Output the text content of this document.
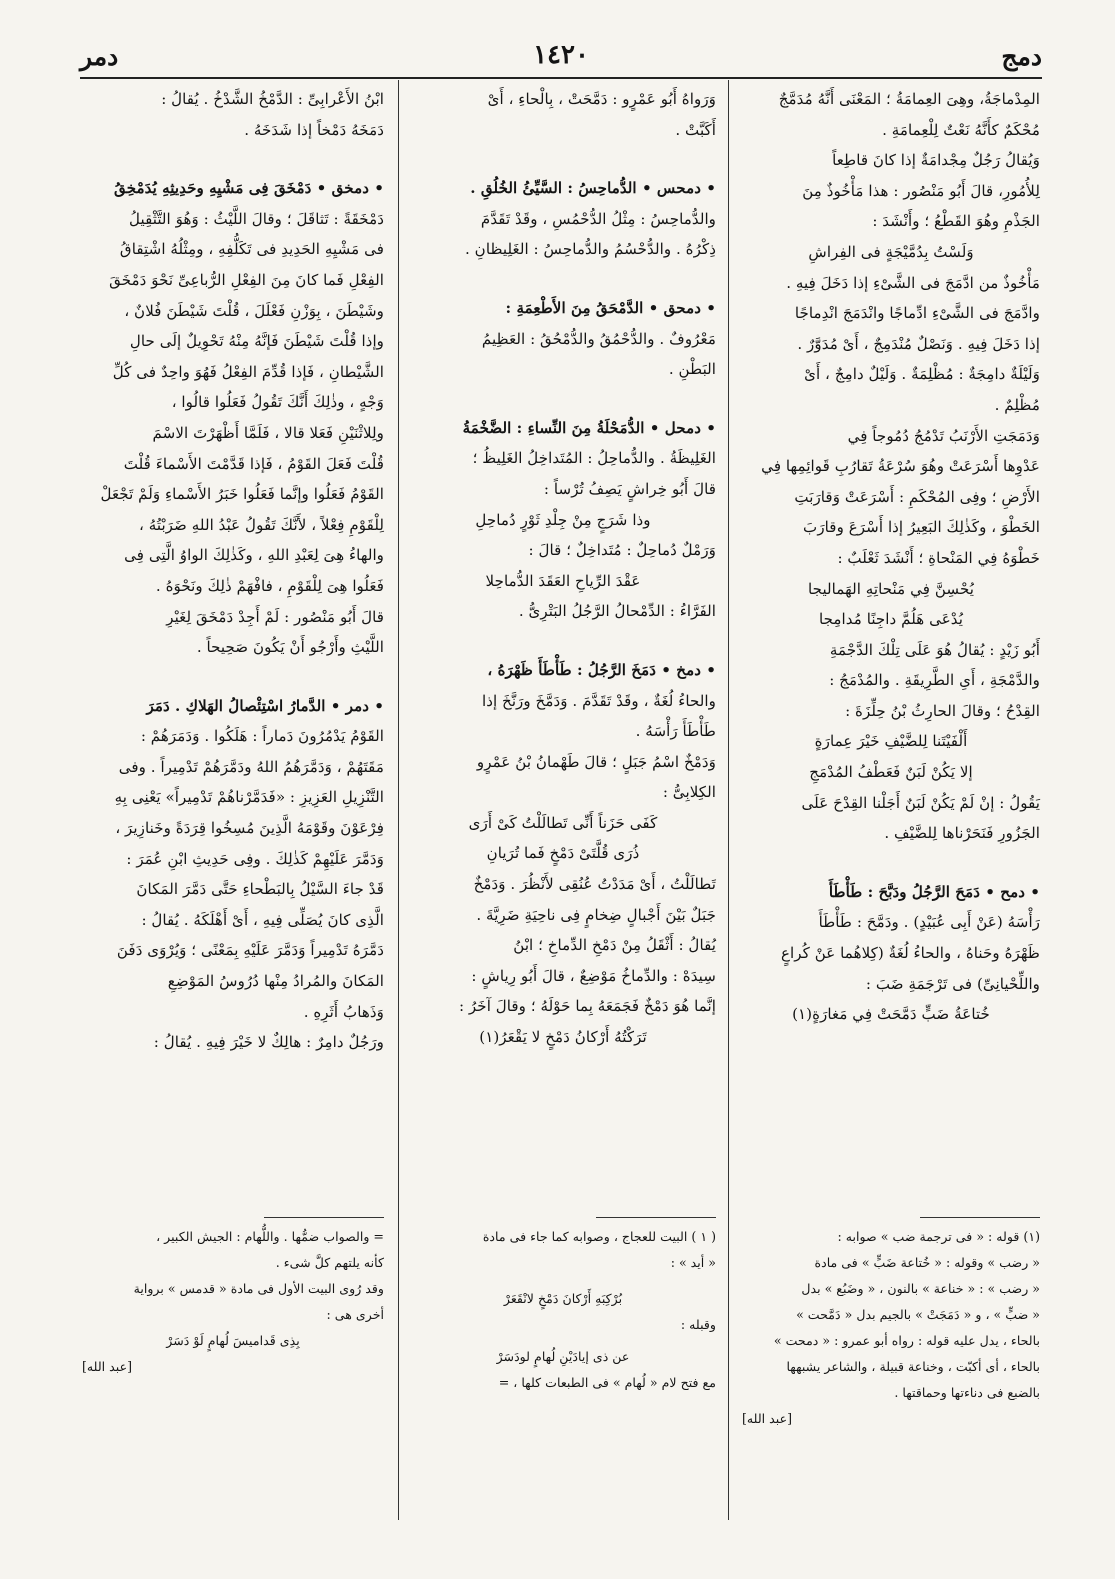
دمج
١٤٢٠
دمر

المِدْماجَةُ، وهِىَ العِمامَةُ ؛ المَعْنَى أَنَّهُ مُدَمَّجٌ

مُحْكَمٌ كأَنَّهُ نَعْتٌ لِلْعِمامَةِ .

وَيُقالُ رَجُلٌ مِجْدامَةٌ إذا كانَ قاطِعاً

لِلأُمُورِ، قالَ أَبُو مَنْصُور : هذا مَأْخُوذٌ مِنَ

الجَذْمِ وهُوَ القَطْعُ ؛ وأَنْشَدَ :

وَلَسْتُ بِدُمَّيْجَةٍ فى الفِراشِ

مَأْخُوذٌ من ادَّمَجَ فى الشَّىْءِ إذا دَخَلَ فِيهِ .

وادَّمَجَ فى الشَّىْءِ ادِّماجًا وانْدَمَجَ انْدِماجًا

إذا دَخَلَ فِيهِ . وَنَصْلٌ مُنْدَمِجٌ ، أَىْ مُدَوَّرٌ .

وَلَيْلَةٌ دامِجَةٌ : مُظْلِمَةٌ . وَلَيْلٌ دامِجٌ ، أَىْ

مُظْلِمٌ .

وَدَمَجَتِ الأَرْنَبُ تَدْمُجُ دُمُوجاً فِي

عَدْوِها أَسْرَعَتْ وهُوَ سُرْعَةُ تَقارُبِ قَوائِمِها فِي

الأَرْضِ ؛ وفِى المُحْكَمِ : أَسْرَعَتْ وَقارَبَتِ

الخَطْوَ ، وكَذٰلِكَ البَعِيرُ إذا أَسْرَعَ وقارَبَ

خَطْوَهُ فِي المَنْحاةِ ؛ أَنْشَدَ ثَعْلَبٌ :

يُحْسِنَّ فِي مَنْحاتِهِ الهَماليجا

يُدْعَى هَلُمَّ داجِنًا مُدامِجا

أَبُو زَيْدٍ : يُقالُ هُوَ عَلَى تِلْكَ الدَّجْمَةِ

والدَّمْجَةِ ، أَىِ الطَّرِيقَةِ . والمُدْمَجُ :

القِدْحُ ؛ وقالَ الحارِثُ بْنُ حِلِّزَةَ :

أَلْفَيْتَنا لِلضَّيْفِ خَيْرَ عِمارَةٍ

إلا يَكُنْ لَبَنٌ فَعَطْفُ المُدْمَجِ

يَقُولُ : إنْ لَمْ يَكُنْ لَبَنٌ أَجَلْنا القِدْحَ عَلَى

الجَزُورِ فَنَحَرْناها لِلضَّيْفِ .

• دمح • دَمَحَ الرَّجُلُ ودَبَّحَ : طَأْطَأَ

رَأْسَهُ (عَنْ أَبِى عُبَيْدٍ) . ودَمَّحَ : طَأْطَأَ

ظَهْرَهُ وحَناهُ ، والحاءُ لُغَةٌ (كِلاهُما عَنْ كُراعٍ

واللِّحْيانِىِّ) فى تَرْجَمَةِ ضَبَ :

خُتاعَةُ ضَبٍّ دَمَّحَتْ فِي مَغارَةٍ(١)

وَرَواهُ أَبُو عَمْرٍو : دَمَّحَتْ ، بِالْحاءِ ، أَىْ

أَكَبَّتْ .

• دمحس • الدُّماحِسُ : السَّيِّئُ الخُلُقِ .

والدُّماحِسُ : مِثْلُ الدُّحْمُسِ ، وقَدْ تَقَدَّمَ

ذِكْرُهُ . والدُّحْسُمُ والدُّماحِسُ : الغَلِيظانِ .

• دمحق • الدَّمْحَقُ مِنَ الأَطْعِمَةِ :

مَعْرُوفٌ . والدُّحْمُقُ والدُّمْحُقُ : العَظِيمُ

البَطْنِ .

• دمحل • الدُّمَحْلَةُ مِنَ النِّساءِ : الضَّخْمَةُ

الغَلِيظَةُ . والدُّماحِلُ : المُتَداخِلُ الغَلِيظُ ؛

قالَ أَبُو خِراشٍ يَصِفُ تُرْساً :

وذا شَرَجٍ مِنْ جِلْدِ ثَوْرٍ دُماحِلِ

وَرَمْلٌ دُماحِلٌ : مُتَداخِلٌ ؛ قالَ :

عَقْدَ الرِّياحِ العَقَدَ الدُّماحِلا

الفَرَّاءُ : الدِّمْحالُ الرَّجُلُ البَتْرِىُّ .

• دمخ • دَمَخَ الرَّجُلُ : طَأْطَأَ ظَهْرَهُ ،

والحاءُ لُغَةٌ ، وقَدْ تَقَدَّمَ . وَدَمَّخَ ورَنَّخَ إذا

طَأْطَأَ رَأْسَهُ .

وَدَمْخٌ اسْمُ جَبَلٍ ؛ قالَ طَهْمانُ بْنُ عَمْرٍو

الكِلابِىُّ :

كَفَى حَزَناً أَنِّى تَطالَلْتُ كَىْ أَرَى

ذُرَى قُلَّتَىْ دَمْخٍ فَما تُرَيانِ

تَطالَلْتُ ، أَىْ مَدَدْتُ عُنُقِى لأَنْظُرَ . وَدَمْخٌ

جَبَلٌ بَيْنَ أَجْبالٍ ضِخامٍ فِى ناحِيَةِ ضَرِيَّةَ .

يُقالُ : أَثْقَلُ مِنْ دَمْخِ الدِّماخِ ؛ ابْنُ

سِيدَهْ : والدِّماخُ مَوْضِعٌ ، قالَ أَبُو رِياشٍ :

إنَّما هُوَ دَمْخٌ فَجَمَعَهُ بِما حَوْلَهُ ؛ وقالَ آخَرُ :

تَرَكْتُهُ أَرْكانُ دَمْخٍ لا يَقْعَرُ(١)

ابْنُ الأَعْرابِىِّ : الدَّمْخُ الشَّدْخُ . يُقالُ :

دَمَخَهُ دَمْخاً إذا شَدَخَهُ .

• دمخق • دَمْخَقَ فِى مَشْيِهِ وحَدِيثِهِ يُدَمْخِقُ

دَمْخَقَةً : تَثاقَلَ ؛ وقالَ اللَّيْثُ : وَهُوَ التَّثْقِيلُ

فى مَشْيِهِ الحَدِيدِ فى تَكَلُّفِهِ ، ومِثْلُهُ اشْتِقاقُ

الفِعْلِ فَما كانَ مِنَ الفِعْلِ الرُّباعِىِّ نَحْوَ دَمْخَقَ

وشَيْطَنَ ، بِوَزْنِ فَعْلَلَ ، قُلْتَ شَيْطَنَ فُلانٌ ،

وإذا قُلْتَ شَيْطَنَ فَإنَّهُ مِنْهُ تَحْوِيلٌ إلَى حالِ

الشَّيْطانِ ، فَإذا قُدِّمَ الفِعْلُ فَهُوَ واحِدٌ فى كُلِّ

وَجْهٍ ، وذٰلِكَ أَنَّكَ تَقُولُ فَعَلُوا قالُوا ،

ولِلاثْنَيْنِ فَعَلا قالا ، فَلَمَّا أَظْهَرْتَ الاسْمَ

قُلْتَ فَعَلَ القَوْمُ ، فَإذا قَدَّمْتَ الأَسْماءَ قُلْتَ

القَوْمُ فَعَلُوا وإنَّما فَعَلُوا خَبَرُ الأَسْماءِ وَلَمْ تَجْعَلْ

لِلْقَوْمِ فِعْلاً ، لأَنَّكَ تَقُولُ عَبْدُ اللهِ ضَرَبْتُهُ ،

والهاءُ هِىَ لِعَبْدِ اللهِ ، وكَذٰلِكَ الواوُ الَّتِى فِى

فَعَلُوا هِىَ لِلْقَوْمِ ، فافْهَمْ ذٰلِكَ ونَحْوَهُ .

قالَ أَبُو مَنْصُور : لَمْ أَجِدْ دَمْخَقَ لِغَيْرِ

اللَّيْثِ وأَرْجُو أَنْ يَكُونَ صَحِيحاً .

• دمر • الدَّمارُ اسْتِئْصالُ الهَلاكِ . دَمَرَ

القَوْمُ يَدْمُرُونَ دَماراً : هَلَكُوا . وَدَمَرَهُمْ :

مَقَتَهُمْ ، وَدَمَّرَهُمُ اللهُ ودَمَّرَهُمْ تَدْمِيراً . وفى

التَّنْزِيلِ العَزِيزِ : «فَدَمَّرْناهُمْ تَدْمِيراً» يَعْنِى بِهِ

فِرْعَوْنَ وقَوْمَهُ الَّذِينَ مُسِخُوا قِرَدَةً وخَنازِيرَ ،

وَدَمَّرَ عَلَيْهِمْ كَذٰلِكَ . وفِى حَدِيثِ ابْنِ عُمَرَ :

قَدْ جاءَ السَّيْلُ بِالبَطْحاءِ حَتَّى دَمَّرَ المَكانَ

الَّذِى كانَ يُصَلِّى فِيهِ ، أَىْ أَهْلَكَهُ . يُقالُ :

دَمَّرَهُ تَدْمِيراً وَدَمَّرَ عَلَيْهِ بِمَعْنًى ؛ وَيُرْوَى دَفَنَ

المَكانَ والمُرادُ مِنْها دُرُوسُ المَوْضِعِ

وَذَهابُ أَثَرِهِ .

ورَجُلٌ دامِرٌ : هالِكٌ لا خَيْرَ فِيهِ . يُقالُ :

(١) قوله : « فى ترجمة ضب » صوابه :

« رضب » وقوله : « خُتاعة ضَبٍّ » فى مادة

« رضب » : « خناعة » بالنون ، « وضَبُع » بدل

« ضبٍّ » ، و « دَمَجَتْ » بالجيم بدل « دَمَّحت »

بالحاء ، يدل عليه قوله : رواه أبو عمرو : « دمحت »

بالحاء ، أى أكبّت ، وخناعة قبيلة ، والشاعر يشبهها

بالضبع فى دناءتها وحماقتها .

[عبد الله]

( ١ ) البيت للعجاج ، وصوابه كما جاء فى مادة

« أيد » :

بُرْكِبَهِ أَرْكانَ دَمْخٍ لانْقَعَرْ

وقبله :

عن ذى إيادَيْنِ لُهامٍ لودَسَرْ

مع فتح لام « لُهام » فى الطبعات كلها ، =

= والصواب ضمُّها . واللُّهام : الجيش الكبير ،

كأنه يلتهم كلَّ شىء .

وقد رُوى البيت الأول فى مادة « قدمس » برواية

أخرى هى :

بِذِى قَداميسَ لُهامٍ لَوْ دَسَرْ

[عبد الله]
